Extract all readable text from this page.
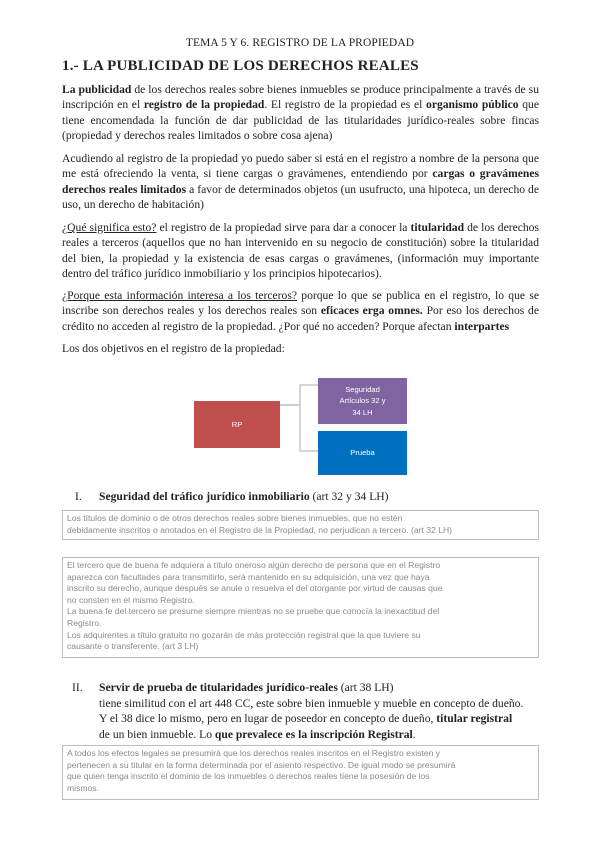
TEMA 5 Y 6. REGISTRO DE LA PROPIEDAD
1.- LA PUBLICIDAD DE LOS DERECHOS REALES

La publicidad de los derechos reales sobre bienes inmuebles se produce principalmente a través de su inscripción en el registro de la propiedad. El registro de la propiedad es el organismo público que tiene encomendada la función de dar publicidad de las titularidades jurídico-reales sobre fincas (propiedad y derechos reales limitados o sobre cosa ajena)

Acudiendo al registro de la propiedad yo puedo saber si está en el registro a nombre de la persona que me está ofreciendo la venta, si tiene cargas o gravámenes, entendiendo por cargas o gravámenes derechos reales limitados a favor de determinados objetos (un usufructo, una hipoteca, un derecho de uso, un derecho de habitación)

¿Qué significa esto? el registro de la propiedad sirve para dar a conocer la titularidad de los derechos reales a terceros (aquellos que no han intervenido en su negocio de constitución) sobre la titularidad del bien, la propiedad y la existencia de esas cargas o gravámenes, (información muy importante dentro del tráfico jurídico inmobiliario y los principios hipotecarios).

¿Porque esta información interesa a los terceros? porque lo que se publica en el registro, lo que se inscribe son derechos reales y los derechos reales son eficaces erga omnes. Por eso los derechos de crédito no acceden al registro de la propiedad. ¿Por qué no acceden? Porque afectan interpartes

Los dos objetivos en el registro de la propiedad:

RP
Seguridad
Artículos 32 y
34 LH
Prueba
I. Seguridad del tráfico jurídico inmobiliario (art 32 y 34 LH)
Los títulos de dominio o de otros derechos reales sobre bienes inmuebles, que no estén
debidamente inscritos o anotados en el Registro de la Propiedad, no perjudican a tercero. (art 32 LH)
El tercero que de buena fe adquiera a título oneroso algún derecho de persona que en el Registro
aparezca con facultades para transmitirlo, será mantenido en su adquisición, una vez que haya
inscrito su derecho, aunque después se anule o resuelva el del otorgante por virtud de causas que
no consten en el mismo Registro.
La buena fe del tercero se presume siempre mientras no se pruebe que conocía la inexactitud del
Registro.
Los adquirentes a título gratuito no gozarán de más protección registral que la que tuviere su
causante o transferente. (art 3 LH)
II. Servir de prueba de titularidades jurídico-reales (art 38 LH)
tiene similitud con el art 448 CC, este sobre bien inmueble y mueble en concepto de dueño.
Y el 38 dice lo mismo, pero en lugar de poseedor en concepto de dueño, titular registral
de un bien inmueble. Lo que prevalece es la inscripción Registral.
A todos los efectos legales se presumirá que los derechos reales inscritos en el Registro existen y
pertenecen a su titular en la forma determinada por el asiento respectivo. De igual modo se presumirá
que quien tenga inscrito el dominio de los inmuebles o derechos reales tiene la posesión de los
mismos.
